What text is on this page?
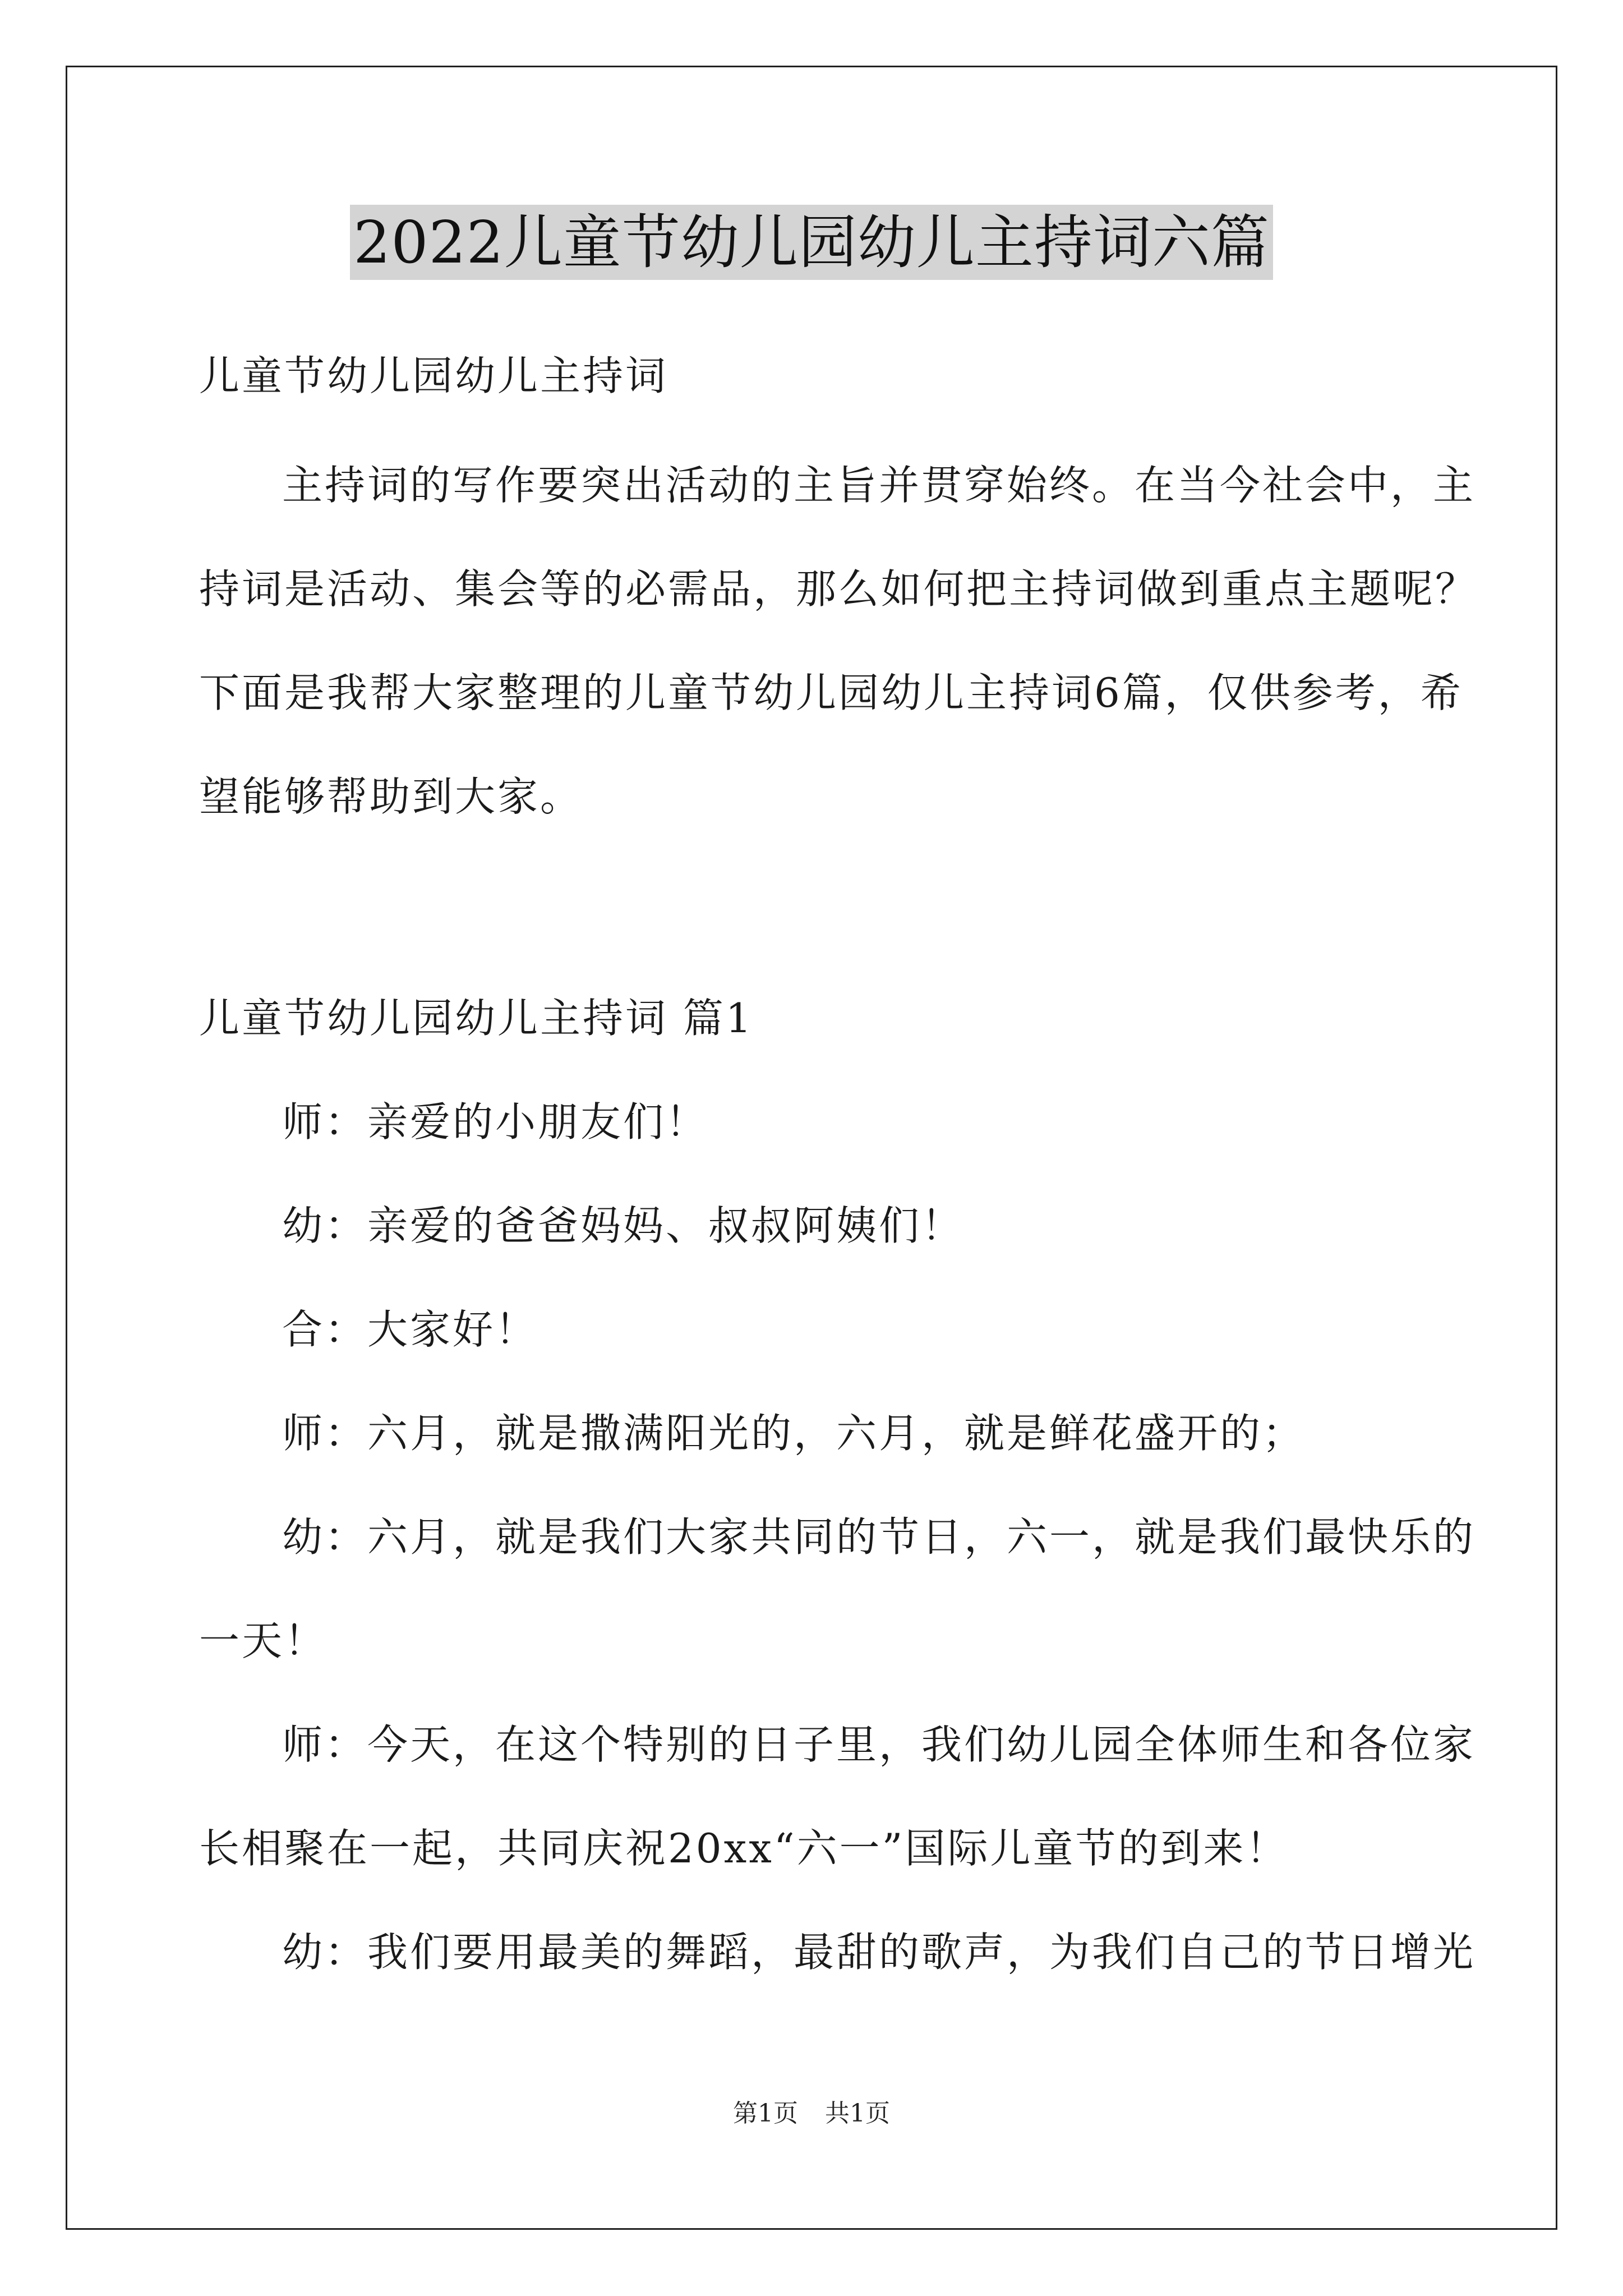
2022儿童节幼儿园幼儿主持词六篇
儿童节幼儿园幼儿主持词
主持词的写作要突出活动的主旨并贯穿始终。在当今社会中，主
持词是活动、集会等的必需品，那么如何把主持词做到重点主题呢？
下面是我帮大家整理的儿童节幼儿园幼儿主持词6篇，仅供参考，希
望能够帮助到大家。
儿童节幼儿园幼儿主持词 篇1
师：亲爱的小朋友们！
幼：亲爱的爸爸妈妈、叔叔阿姨们！
合：大家好！
师：六月，就是撒满阳光的，六月，就是鲜花盛开的；
幼：六月，就是我们大家共同的节日，六一，就是我们最快乐的
一天！
师：今天，在这个特别的日子里，我们幼儿园全体师生和各位家
长相聚在一起，共同庆祝20xx“六一”国际儿童节的到来！
幼：我们要用最美的舞蹈，最甜的歌声，为我们自己的节日增光
第1页 共1页
